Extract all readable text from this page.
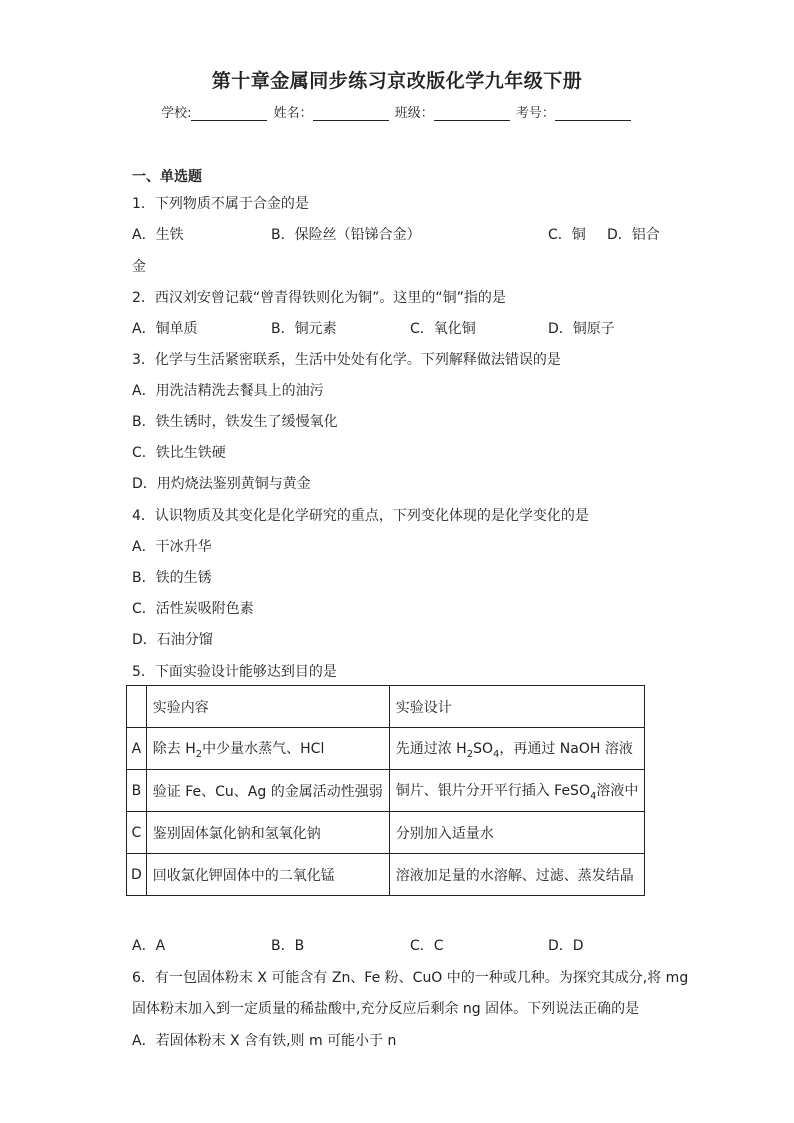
第十章金属同步练习京改版化学九年级下册
学校:	姓名：	班级：	考号：
一、单选题
1．下列物质不属于合金的是
A．生铁	B．保险丝（铅锑合金）	C．铜 D．铝合
金
2．西汉刘安曾记载“曾青得铁则化为铜”。这里的“铜”指的是
A．铜单质	B．铜元素	C．氧化铜	D．铜原子
3．化学与生活紧密联系，生活中处处有化学。下列解释做法错误的是
A．用洗洁精洗去餐具上的油污
B．铁生锈时，铁发生了缓慢氧化
C．铁比生铁硬
D．用灼烧法鉴别黄铜与黄金
4．认识物质及其变化是化学研究的重点，下列变化体现的是化学变化的是
A．干冰升华
B．铁的生锈
C．活性炭吸附色素
D．石油分馏
5．下面实验设计能够达到目的是
	实验内容	实验设计
A	除去 $H_2$中少量水蒸气、HCl	先通过浓 $H_2SO_4$，再通过 NaOH 溶液
B	验证 Fe、Cu、Ag 的金属活动性强弱	铜片、银片分开平行插入 FeSO$_4$溶液中
C	鉴别固体氯化钠和氢氧化钠	分别加入适量水
D	回收氯化钾固体中的二氧化锰	溶液加足量的水溶解、过滤、蒸发结晶
A．A	B．B	C．C	D．D
6．有一包固体粉末 X 可能含有 Zn、Fe 粉、CuO 中的一种或几种。为探究其成分,将 mg
固体粉末加入到一定质量的稀盐酸中,充分反应后剩余 ng 固体。下列说法正确的是
A．若固体粉末 X 含有铁,则 m 可能小于 n
